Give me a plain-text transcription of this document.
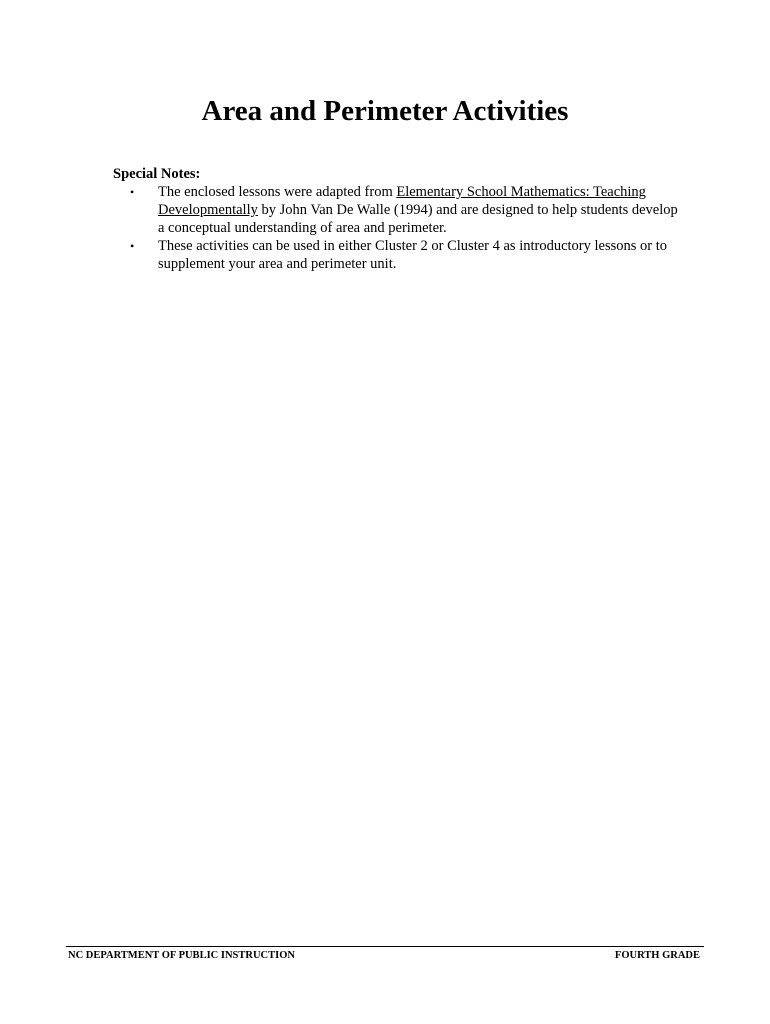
Area and Perimeter Activities
Special Notes:
• The enclosed lessons were adapted from Elementary School Mathematics: Teaching Developmentally by John Van De Walle (1994) and are designed to help students develop a conceptual understanding of area and perimeter.
• These activities can be used in either Cluster 2 or Cluster 4 as introductory lessons or to supplement your area and perimeter unit.
NC DEPARTMENT OF PUBLIC INSTRUCTION	FOURTH GRADE
